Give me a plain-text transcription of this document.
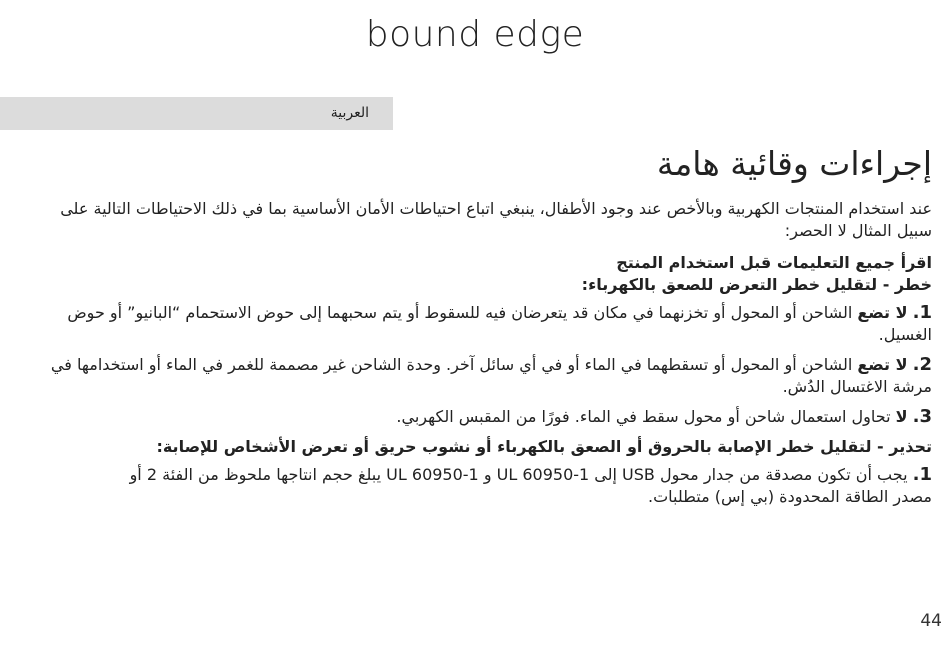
bound edge
العربية
إجراءات وقائية هامة

عند استخدام المنتجات الكهربية وبالأخص عند وجود الأطفال، ينبغي اتباع احتياطات الأمان الأساسية بما في ذلك الاحتياطات التالية على سبيل المثال لا الحصر:

اقرأ جميع التعليمات قبل استخدام المنتج
خطر - لتقليل خطر التعرض للصعق بالكهرباء:
1. لا تضع الشاحن أو المحول أو تخزنهما في مكان قد يتعرضان فيه للسقوط أو يتم سحبهما إلى حوض الاستحمام “البانيو” أو حوض الغسيل.
2. لا تضع الشاحن أو المحول أو تسقطهما في الماء أو في أي سائل آخر. وحدة الشاحن غير مصممة للغمر في الماء أو استخدامها في مرشة الاغتسال الدُش.
3. لا تحاول استعمال شاحن أو محول سقط في الماء. فورًا من المقبس الكهربي.
تحذير - لتقليل خطر الإصابة بالحروق أو الصعق بالكهرباء أو نشوب حريق أو تعرض الأشخاص للإصابة:
1. يجب أن تكون مصدقة من جدار محول USB إلى UL 60950-1 و UL 60950-1 يبلغ حجم انتاجها ملحوظ من الفئة 2 أو مصدر الطاقة المحدودة (بي إس) متطلبات.
44
